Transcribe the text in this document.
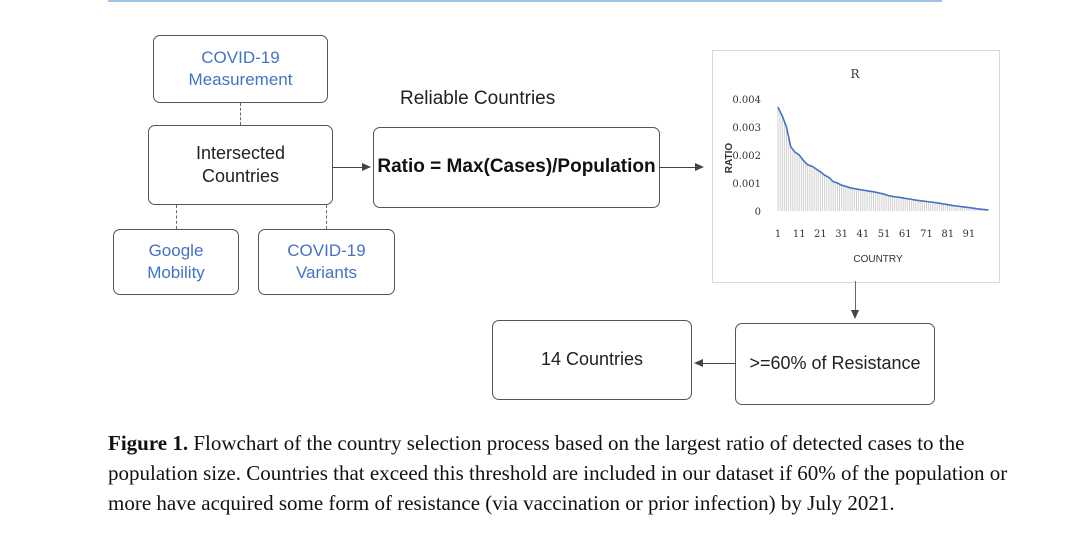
COVID-19
Measurement
Intersected
Countries
Google
Mobility
COVID-19
Variants
Reliable Countries
Ratio = Max(Cases)/Population
R
RATIO
COUNTRY
0
0.001
0.002
0.003
0.004
1 11 21 31 41 51 61 71 81 91
>=60% of Resistance
14 Countries
Figure 1. Flowchart of the country selection process based on the largest ratio of detected cases to the population size. Countries that exceed this threshold are included in our dataset if 60% of the population or more have acquired some form of resistance (via vaccination or prior infection) by July 2021.
